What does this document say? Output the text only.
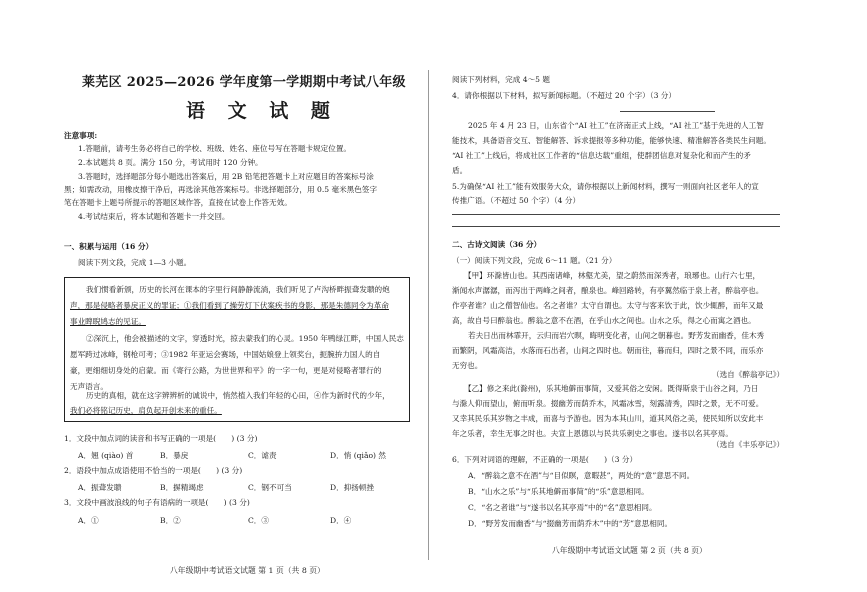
莱芜区 2025—2026 学年度第一学期期中考试八年级
语 文 试 题
注意事项:
1.答题前，请考生务必将自己的学校、班级、姓名、座位号写在答题卡规定位置。
2.本试题共 8 页。满分 150 分，考试用时 120 分钟。
3.答题时，选择题部分每小题选出答案后，用 2B 铅笔把答题卡上对应题目的答案标号涂
黑；如需改动，用橡皮擦干净后，再选涂其他答案标号。非选择题部分，用 0.5 毫米黑色签字
笔在答题卡上题号所提示的答题区域作答，直接在试卷上作答无效。
4.考试结束后，将本试题和答题卡一并交回。
一、积累与运用（16 分）
阅读下列文段，完成 1—3 小题。
我们惯看新颁，历史的长河在课本的字里行间静静流淌，我们听见了卢沟桥畔振聋发聩的炮
声，那是侵略者暴戾正义的罪证；①我们看到了操劳灯下伏案疾书的身影，那是朱德同令为革命
事业睥睨鸠志的见证。
②深沉上，他会被描述的文字，穿透时光，掠去蒙我们的心灵。1950 年鸭绿江畔，中国人民志
愿军跨过冰峰，钢枪可考；③1982 年亚运会赛场，中国姑娘登上领奖台，扼腕拚力国人的自
豪，更细细切身处的启蒙。而《寄行公路，为世世界和平》的一字一句，更是对侵略者罪行的
无声语言。
历史的真相，就在这字辨辨析的诚说中，悄然植入我们年轻的心田，④作为新时代的少年，
我们必将铭记历史，肩负起开创未来的重任。
1．文段中加点词的读音和书写正确的一项是(　　) (3 分)
A．翘 (qiào) 首	B．暴戾	C．谑责	D．悄 (qiǎo) 然
2．语段中加点成语使用不恰当的一项是(　　) (3 分)
A．振聋发聩	B．摒精竭虑	C．钢不可当	D．抑扬顿挫
3．文段中画波浪线的句子有语病的一项是(　　) (3 分)
A．①	B．②	C．③	D．④
八年级期中考试语文试题 第 1 页（共 8 页）
阅读下列材料，完成 4～5 题
4．请你根据以下材料，拟写新闻标题。（不超过 20 个字）（3 分）
2025 年 4 月 23 日，山东省个“AI 社工”在济南正式上线，“AI 社工”基于先进的人工智
能技术，具备语音交互、智能解答、诉求提报等多种功能，能够快速、精准解答各类民生问题。
“AI 社工”上线后，将成社区工作者的“信息达载”重组，使群团信息对复杂化和而产生的矛
盾。
5.为确保“AI 社工”能有效服务大众，请你根据以上新闻材料，撰写一则面向社区老年人的宣
传推广语。（不超过 50 个字）（4 分）
二、古诗文阅读（36 分）
（一）阅读下列文段，完成 6～11 题。（21 分）
【甲】环滁皆山也。其西南诸峰，林壑尤美，望之蔚然而深秀者，琅琊也。山行六七里，
渐闻水声潺潺，而泻出于两峰之间者，酿泉也。峰回路转，有亭翼然临于泉上者，醉翁亭也。
作亭者谁？山之僧智仙也。名之者谁？太守自谓也。太守与客来饮于此，饮少辄醉，而年又最
高，故自号曰醉翁也。醉翁之意不在酒，在乎山水之间也。山水之乐，得之心而寓之酒也。
若夫日出而林霏开，云归而岩穴暝，晦明变化者，山间之朝暮也。野芳发而幽香，佳木秀
而繁阴，风霜高洁，水落而石出者，山间之四时也。朝而往，暮而归，四时之景不同，而乐亦
无穷也。
（选自《醉翁亭记》）
【乙】修之来此(滁州)，乐其地僻而事简，又爱其俗之安闲。既得斯泉于山谷之间，乃日
与滁人仰而望山，俯而听泉。掇幽芳而荫乔木，风霜冰雪，刻露清秀，四时之景，无不可爱。
又幸其民乐其岁物之丰成，而喜与予游也。因为本其山川，道其风俗之美，使民知所以安此丰
年之乐者，幸生无事之时也。夫宣上恩德以与民共乐刺史之事也。遂书以名其亭焉。
（选自《丰乐亭记》）
6．下列对词语的理解，不正确的一项是(　　)（3 分）
A．“醉翁之意不在酒”与“目似瞑，意暇甚”，两处的“意”意思不同。
B．“山水之乐”与“乐其地僻而事简”的“乐”意思相同。
C．“名之者谁”与“遂书以名其亭焉”中的“名”意思相同。
D．“野芳发而幽香”与“掇幽芳而荫乔木”中的“芳”意思相同。
八年级期中考试语文试题 第 2 页（共 8 页）
